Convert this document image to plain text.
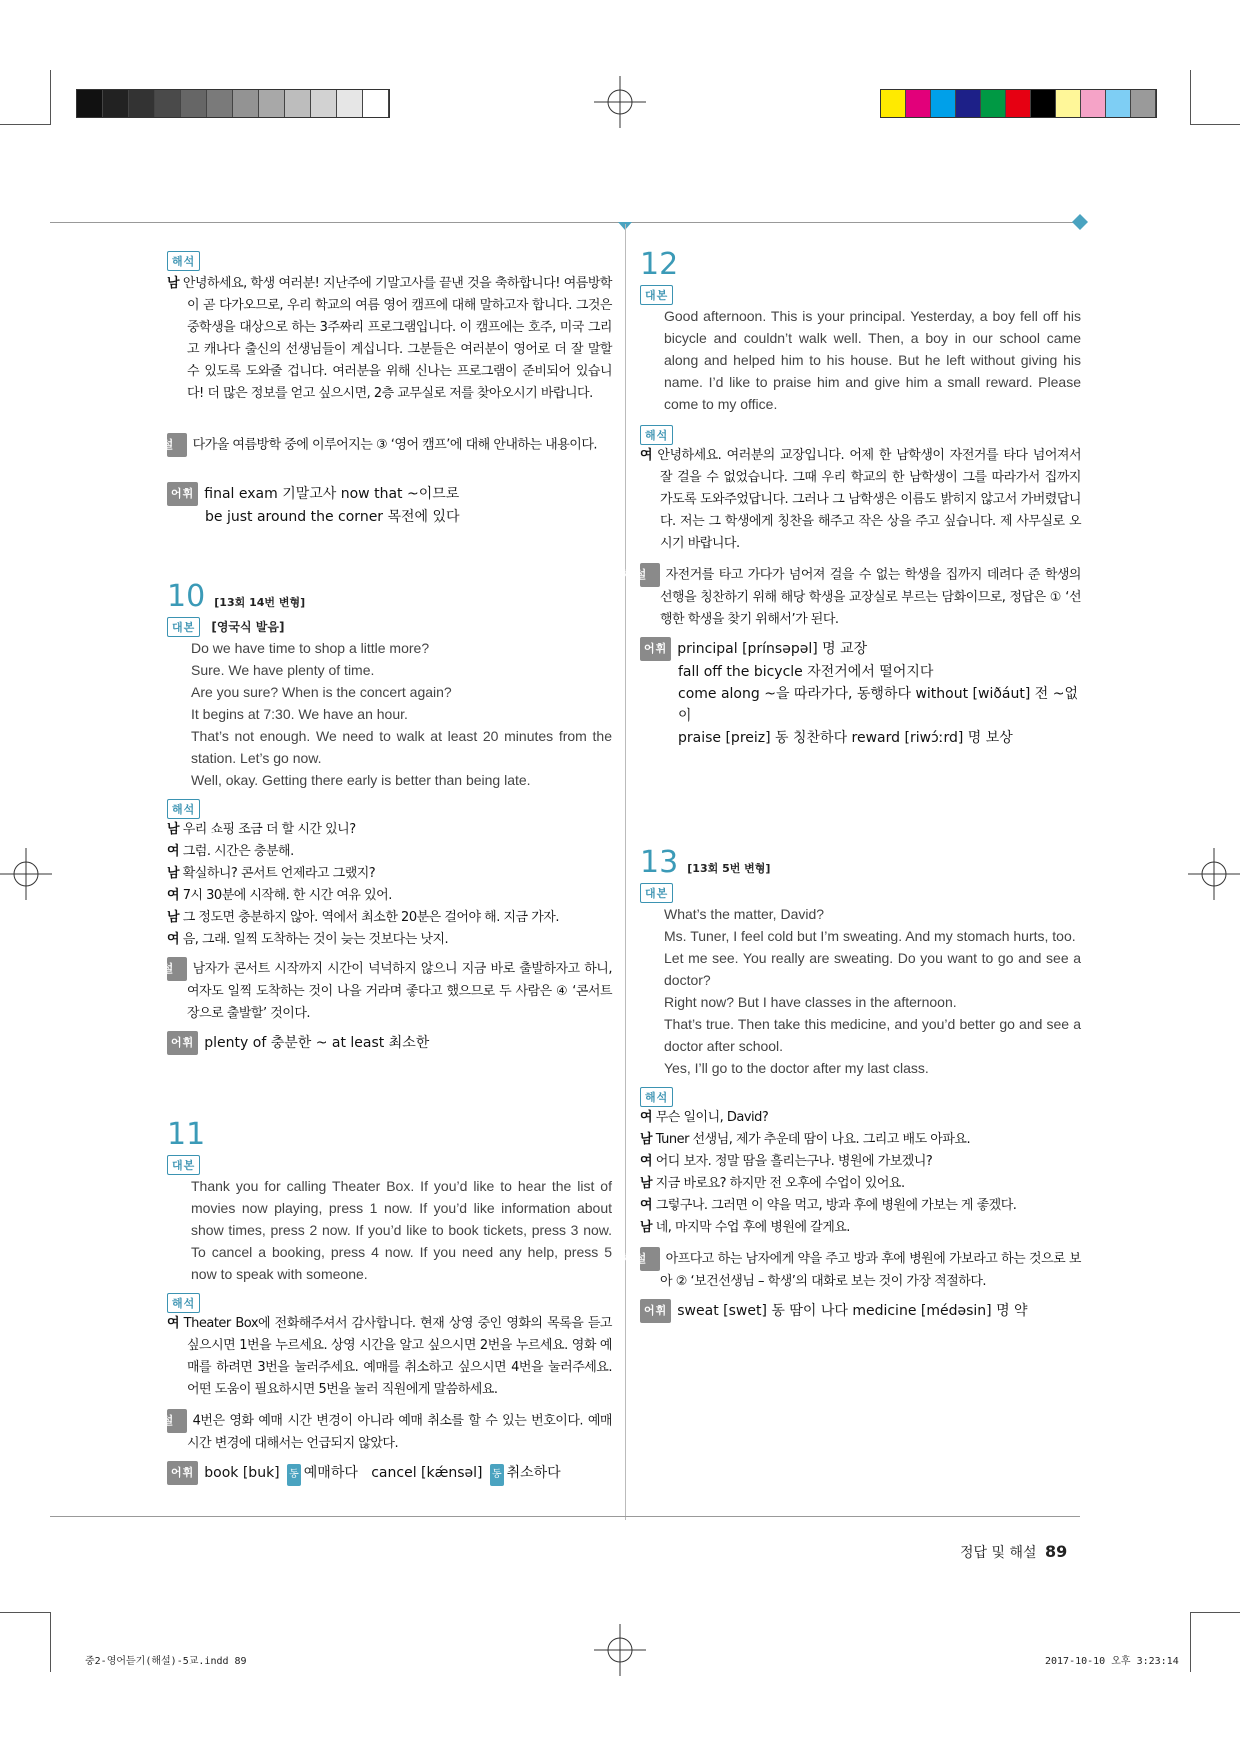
해석
남 안녕하세요, 학생 여러분! 지난주에 기말고사를 끝낸 것을 축하합니다! 여름방학이 곧 다가오므로, 우리 학교의 여름 영어 캠프에 대해 말하고자 합니다. 그것은 중학생을 대상으로 하는 3주짜리 프로그램입니다. 이 캠프에는 호주, 미국 그리고 캐나다 출신의 선생님들이 계십니다. 그분들은 여러분이 영어로 더 잘 말할 수 있도록 도와줄 겁니다. 여러분을 위해 신나는 프로그램이 준비되어 있습니다! 더 많은 정보를 얻고 싶으시면, 2층 교무실로 저를 찾아오시기 바랍니다.
해설 다가올 여름방학 중에 이루어지는 ③ ‘영어 캠프’에 대해 안내하는 내용이다.

어휘 final exam 기말고사 now that ~이므로

be just around the corner 목전에 있다

10 [13회 14번 변형]
대본 [영국식 발음]

Do we have time to shop a little more?

Sure. We have plenty of time.

Are you sure? When is the concert again?

It begins at 7:30. We have an hour.

That’s not enough. We need to walk at least 20 minutes from the station. Let’s go now.

Well, okay. Getting there early is better than being late.

해석

남 우리 쇼핑 조금 더 할 시간 있니?

여 그럼. 시간은 충분해.

남 확실하니? 콘서트 언제라고 그랬지?

여 7시 30분에 시작해. 한 시간 여유 있어.

남 그 정도면 충분하지 않아. 역에서 최소한 20분은 걸어야 해. 지금 가자.

여 음, 그래. 일찍 도착하는 것이 늦는 것보다는 낫지.

해설 남자가 콘서트 시작까지 시간이 넉넉하지 않으니 지금 바로 출발하자고 하니, 여자도 일찍 도착하는 것이 나을 거라며 좋다고 했으므로 두 사람은 ④ ‘콘서트장으로 출발할’ 것이다.
어휘 plenty of 충분한 ~ at least 최소한
11
대본

Thank you for calling Theater Box. If you’d like to hear the list of movies now playing, press 1 now. If you’d like information about show times, press 2 now. If you’d like to book tickets, press 3 now. To cancel a booking, press 4 now. If you need any help, press 5 now to speak with someone.

해석
여 Theater Box에 전화해주셔서 감사합니다. 현재 상영 중인 영화의 목록을 듣고 싶으시면 1번을 누르세요. 상영 시간을 알고 싶으시면 2번을 누르세요. 영화 예매를 하려면 3번을 눌러주세요. 예매를 취소하고 싶으시면 4번을 눌러주세요. 어떤 도움이 필요하시면 5번을 눌러 직원에게 말씀하세요.
해설 4번은 영화 예매 시간 변경이 아니라 예매 취소를 할 수 있는 번호이다. 예매 시간 변경에 대해서는 언급되지 않았다.
어휘 book [buk] 동 예매하다 cancel [kǽnsəl] 동 취소하다
12
대본

Good afternoon. This is your principal. Yesterday, a boy fell off his bicycle and couldn’t walk well. Then, a boy in our school came along and helped him to his house. But he left without giving his name. I’d like to praise him and give him a small reward. Please come to my office.

해석
여 안녕하세요. 여러분의 교장입니다. 어제 한 남학생이 자전거를 타다 넘어져서 잘 걸을 수 없었습니다. 그때 우리 학교의 한 남학생이 그를 따라가서 집까지 가도록 도와주었답니다. 그러나 그 남학생은 이름도 밝히지 않고서 가버렸답니다. 저는 그 학생에게 칭찬을 해주고 작은 상을 주고 싶습니다. 제 사무실로 오시기 바랍니다.
해설 자전거를 타고 가다가 넘어져 걸을 수 없는 학생을 집까지 데려다 준 학생의 선행을 칭찬하기 위해 해당 학생을 교장실로 부르는 담화이므로, 정답은 ① ‘선행한 학생을 찾기 위해서’가 된다.

어휘 principal [prínsəpəl] 명 교장

fall off the bicycle 자전거에서 떨어지다

come along ~을 따라가다, 동행하다 without [wiðáut] 전 ~없이

praise [preiz] 동 칭찬하다 reward [riwɔ́ːrd] 명 보상

13 [13회 5번 변형]
대본

What’s the matter, David?

Ms. Tuner, I feel cold but I’m sweating. And my stomach hurts, too.

Let me see. You really are sweating. Do you want to go and see a doctor?

Right now? But I have classes in the afternoon.

That’s true. Then take this medicine, and you’d better go and see a doctor after school.

Yes, I’ll go to the doctor after my last class.

해석

여 무슨 일이니, David?

남 Tuner 선생님, 제가 추운데 땀이 나요. 그리고 배도 아파요.

여 어디 보자. 정말 땀을 흘리는구나. 병원에 가보겠니?

남 지금 바로요? 하지만 전 오후에 수업이 있어요.

여 그렇구나. 그러면 이 약을 먹고, 방과 후에 병원에 가보는 게 좋겠다.

남 네, 마지막 수업 후에 병원에 갈게요.

해설 아프다고 하는 남자에게 약을 주고 방과 후에 병원에 가보라고 하는 것으로 보아 ② ‘보건선생님 – 학생’의 대화로 보는 것이 가장 적절하다.
어휘 sweat [swet] 동 땀이 나다 medicine [médəsin] 명 약
정답 및 해설 89
중2-영어듣기(해설)-5교.indd 89	2017-10-10 오후 3:23:14
